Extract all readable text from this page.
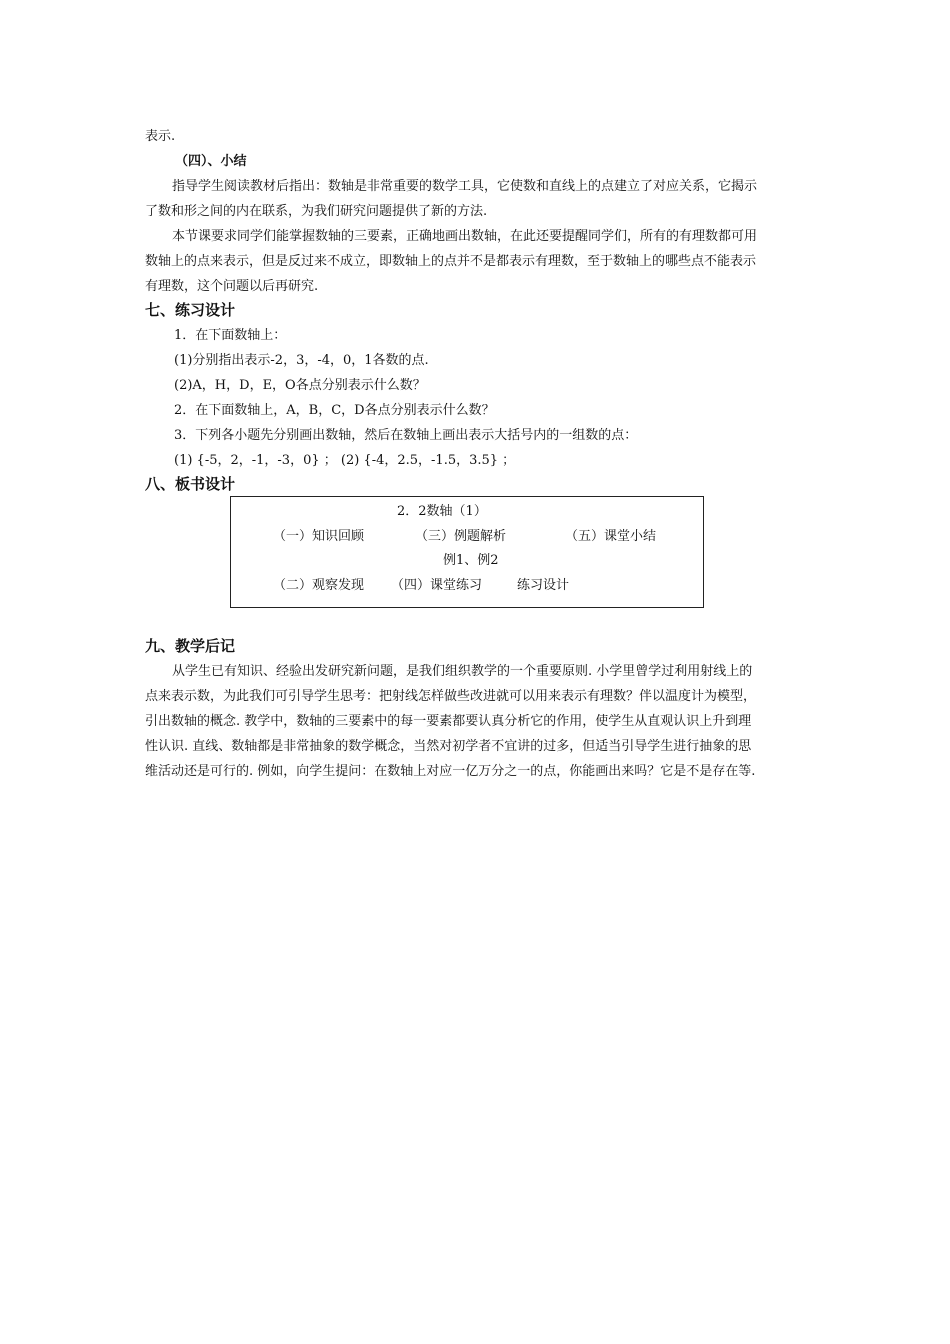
表示.
（四）、小结
指导学生阅读教材后指出：数轴是非常重要的数学工具，它使数和直线上的点建立了对应关系，它揭示
了数和形之间的内在联系，为我们研究问题提供了新的方法.
本节课要求同学们能掌握数轴的三要素，正确地画出数轴，在此还要提醒同学们，所有的有理数都可用
数轴上的点来表示，但是反过来不成立，即数轴上的点并不是都表示有理数，至于数轴上的哪些点不能表示
有理数，这个问题以后再研究.
七、练习设计
1．在下面数轴上：
(1)分别指出表示-2，3，-4，0，1各数的点.
(2)A，H，D，E，O各点分别表示什么数？
2．在下面数轴上，A，B，C，D各点分别表示什么数？
3．下列各小题先分别画出数轴，然后在数轴上画出表示大括号内的一组数的点：
(1) {-5，2，-1，-3，0} ； (2) {-4，2.5，-1.5，3.5} ；
八、板书设计
2．2数轴（1）
（一）知识回顾	（三）例题解析	（五）课堂小结
例1、例2
（二）观察发现 （四）课堂练习	练习设计
九、教学后记
从学生已有知识、经验出发研究新问题，是我们组织教学的一个重要原则. 小学里曾学过利用射线上的
点来表示数，为此我们可引导学生思考：把射线怎样做些改进就可以用来表示有理数？伴以温度计为模型，
引出数轴的概念. 教学中，数轴的三要素中的每一要素都要认真分析它的作用，使学生从直观认识上升到理
性认识. 直线、数轴都是非常抽象的数学概念，当然对初学者不宜讲的过多，但适当引导学生进行抽象的思
维活动还是可行的. 例如，向学生提问：在数轴上对应一亿万分之一的点，你能画出来吗？它是不是存在等.
